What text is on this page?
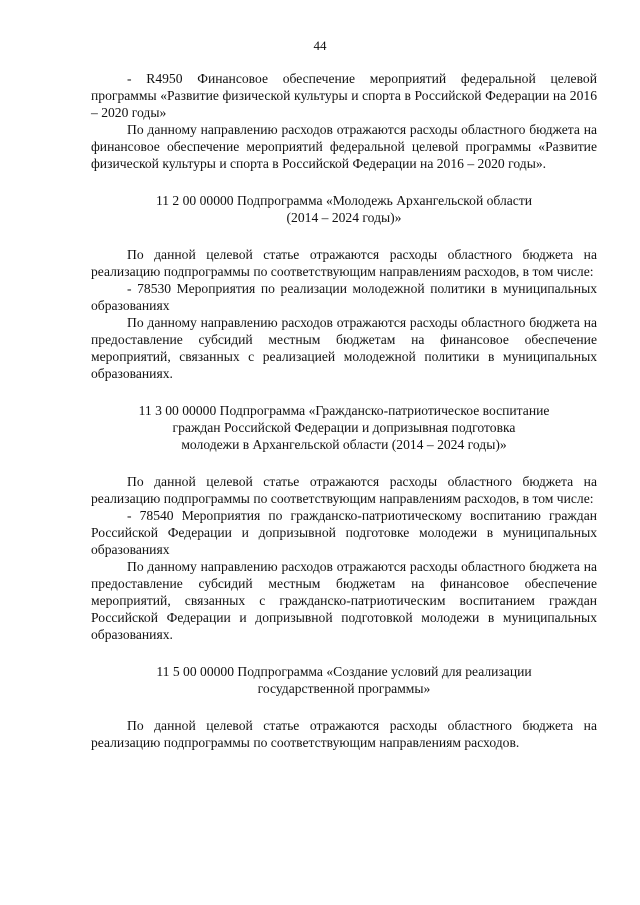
44

- R4950 Финансовое обеспечение мероприятий федеральной целевой программы «Развитие физической культуры и спорта в Российской Федерации на 2016 – 2020 годы»

По данному направлению расходов отражаются расходы областного бюджета на финансовое обеспечение мероприятий федеральной целевой программы «Развитие физической культуры и спорта в Российской Федерации на 2016 – 2020 годы».

11 2 00 00000 Подпрограмма «Молодежь Архангельской области
(2014 – 2024 годы)»

По данной целевой статье отражаются расходы областного бюджета на реализацию подпрограммы по соответствующим направлениям расходов, в том числе:

- 78530 Мероприятия по реализации молодежной политики в муниципальных образованиях

По данному направлению расходов отражаются расходы областного бюджета на предоставление субсидий местным бюджетам на финансовое обеспечение мероприятий, связанных с реализацией молодежной политики в муниципальных образованиях.

11 3 00 00000 Подпрограмма «Гражданско-патриотическое воспитание
граждан Российской Федерации и допризывная подготовка
молодежи в Архангельской области (2014 – 2024 годы)»

По данной целевой статье отражаются расходы областного бюджета на реализацию подпрограммы по соответствующим направлениям расходов, в том числе:

- 78540 Мероприятия по гражданско-патриотическому воспитанию граждан Российской Федерации и допризывной подготовке молодежи в муниципальных образованиях

По данному направлению расходов отражаются расходы областного бюджета на предоставление субсидий местным бюджетам на финансовое обеспечение мероприятий, связанных с гражданско-патриотическим воспитанием граждан Российской Федерации и допризывной подготовкой молодежи в муниципальных образованиях.

11 5 00 00000 Подпрограмма «Создание условий для реализации
государственной программы»

По данной целевой статье отражаются расходы областного бюджета на реализацию подпрограммы по соответствующим направлениям расходов.
